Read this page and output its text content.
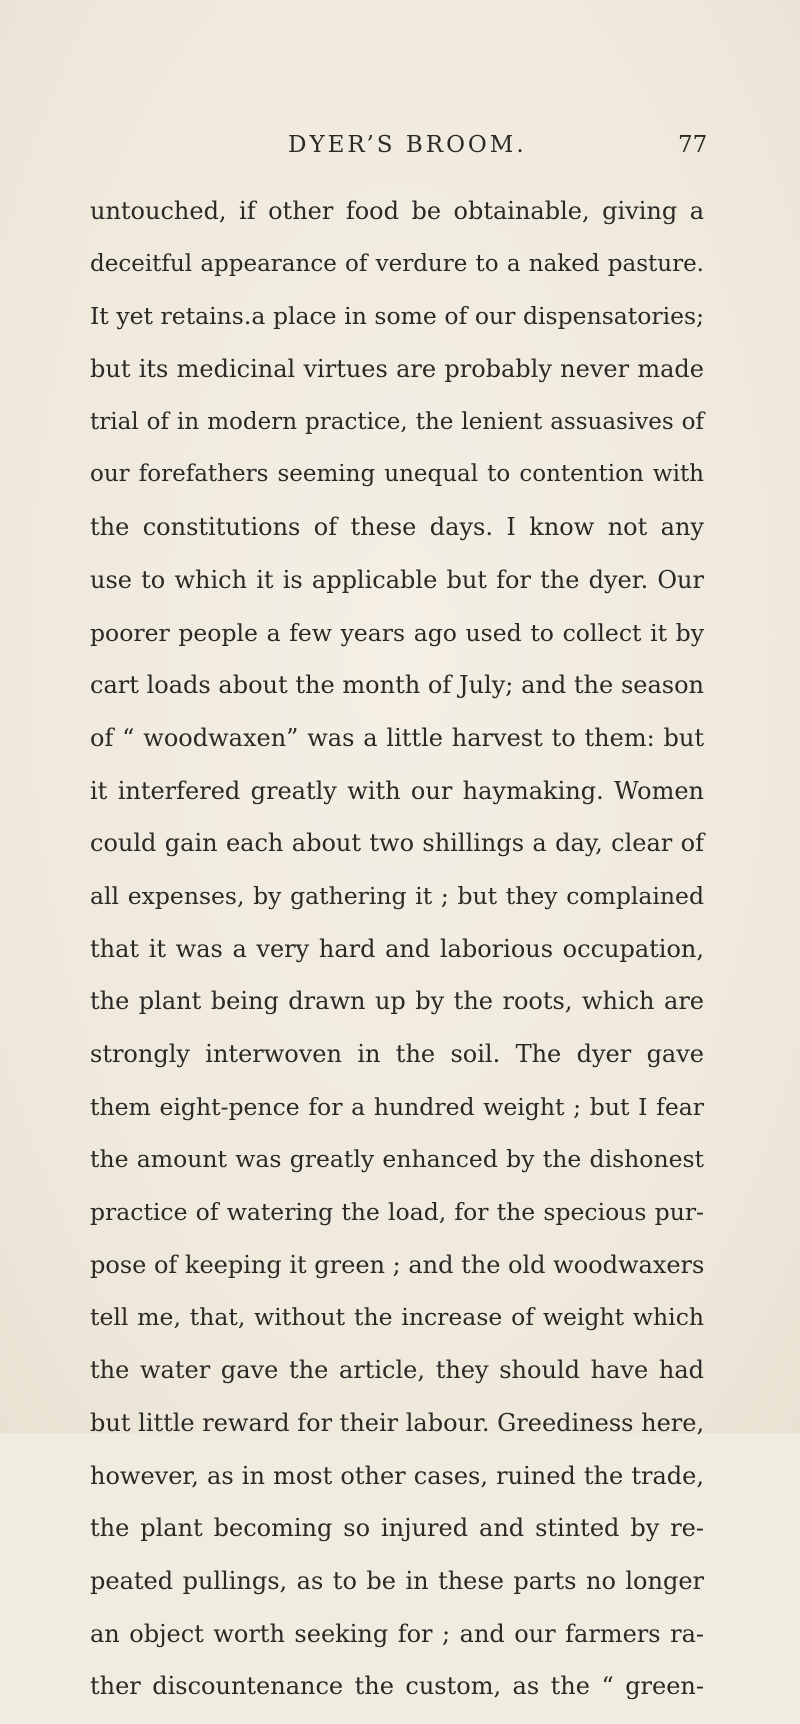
DYER’S BROOM.	77
untouched, if other food be obtainable, giving a
deceitful appearance of verdure to a naked pasture.
It yet retains.a place in some of our dispensatories;
but its medicinal virtues are probably never made
trial of in modern practice, the lenient assuasives of
our forefathers seeming unequal to contention with
the constitutions of these days. I know not any
use to which it is applicable but for the dyer. Our
poorer people a few years ago used to collect it by
cart loads about the month of July; and the season
of “ woodwaxen” was a little harvest to them: but
it interfered greatly with our haymaking. Women
could gain each about two shillings a day, clear of
all expenses, by gathering it ; but they complained
that it was a very hard and laborious occupation,
the plant being drawn up by the roots, which are
strongly interwoven in the soil. The dyer gave
them eight-pence for a hundred weight ; but I fear
the amount was greatly enhanced by the dishonest
practice of watering the load, for the specious pur-
pose of keeping it green ; and the old woodwaxers
tell me, that, without the increase of weight which
the water gave the article, they should have had
but little reward for their labour. Greediness here,
however, as in most other cases, ruined the trade,
the plant becoming so injured and stinted by re-
peated pullings, as to be in these parts no longer
an object worth seeking for ; and our farmers ra-
ther discountenance the custom, as the “ green-
